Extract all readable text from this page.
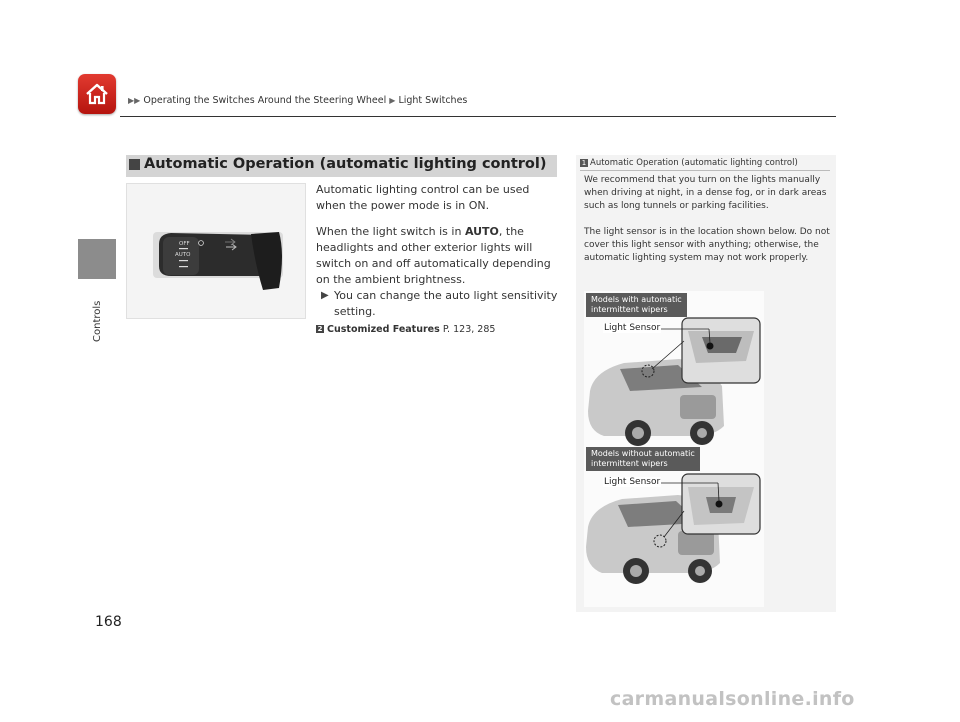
▶▶ Operating the Switches Around the Steering Wheel ▶ Light Switches
Controls
Automatic Operation (automatic lighting control)
OFF
AUTO

Automatic lighting control can be used when the power mode is in ON.

When the light switch is in AUTO, the headlights and other exterior lights will switch on and off automatically depending on the ambient brightness.

▶ You can change the auto light sensitivity setting.
2 Customized Features P. 123, 285
1 Automatic Operation (automatic lighting control)

We recommend that you turn on the lights manually when driving at night, in a dense fog, or in dark areas such as long tunnels or parking facilities.

The light sensor is in the location shown below. Do not cover this light sensor with anything; otherwise, the automatic lighting system may not work properly.

Models with automatic
intermittent wipers
Models without automatic
intermittent wipers
Light Sensor
Light Sensor
168
carmanualsonline.info
